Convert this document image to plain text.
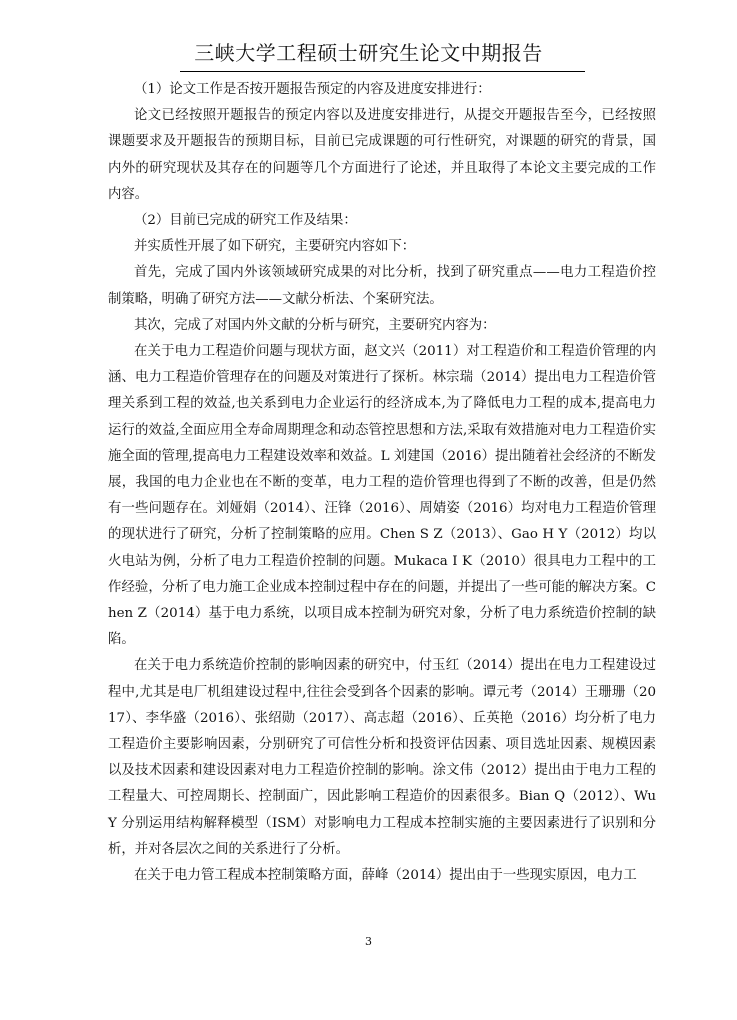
三峡大学工程硕士研究生论文中期报告

（1）论文工作是否按开题报告预定的内容及进度安排进行：

论文已经按照开题报告的预定内容以及进度安排进行，从提交开题报告至今，已经按照课题要求及开题报告的预期目标，目前已完成课题的可行性研究，对课题的研究的背景，国内外的研究现状及其存在的问题等几个方面进行了论述，并且取得了本论文主要完成的工作内容。

（2）目前已完成的研究工作及结果：

并实质性开展了如下研究，主要研究内容如下：

首先，完成了国内外该领域研究成果的对比分析，找到了研究重点——电力工程造价控制策略，明确了研究方法——文献分析法、个案研究法。

其次，完成了对国内外文献的分析与研究，主要研究内容为：

在关于电力工程造价问题与现状方面，赵文兴（2011）对工程造价和工程造价管理的内 涵、电力工程造价管理存在的问题及对策进行了探析。林宗瑞（2014）提出电力工程造价管理关系到工程的效益,也关系到电力企业运行的经济成本,为了降低电力工程的成本,提高电力运行的效益,全面应用全寿命周期理念和动态管控思想和方法,采取有效措施对电力工程造价实施全面的管理,提高电力工程建设效率和效益。L 刘建国（2016）提出随着社会经济的不断发展，我国的电力企业也在不断的变革，电力工程的造价管理也得到了不断的改善，但是仍然有一些问题存在。刘娅娟（2014）、汪锋（2016）、周婧姿（2016）均对电力工程造价管理的现状进行了研究，分析了控制策略的应用。Chen S Z（2013）、Gao H Y（2012）均以火电站为例，分析了电力工程造价控制的问题。Mukaca I K（2010）很具电力工程中的工作经验，分析了电力施工企业成本控制过程中存在的问题，并提出了一些可能的解决方案。Chen Z（2014）基于电力系统，以项目成本控制为研究对象，分析了电力系统造价控制的缺陷。

在关于电力系统造价控制的影响因素的研究中，付玉红（2014）提出在电力工程建设过程中,尤其是电厂机组建设过程中,往往会受到各个因素的影响。谭元考（2014）王珊珊（2017）、李华盛（2016）、张绍勋（2017）、高志超（2016）、丘英艳（2016）均分析了电力工程造价主要影响因素，分别研究了可信性分析和投资评估因素、项目选址因素、规模因素以及技术因素和建设因素对电力工程造价控制的影响。涂文伟（2012）提出由于电力工程的工程量大、可控周期长、控制面广，因此影响工程造价的因素很多。Bian Q（2012）、Wu Y 分别运用结构解释模型（ISM）对影响电力工程成本控制实施的主要因素进行了识别和分析，并对各层次之间的关系进行了分析。

在关于电力管工程成本控制策略方面，薛峰（2014）提出由于一些现实原因，电力工

3
